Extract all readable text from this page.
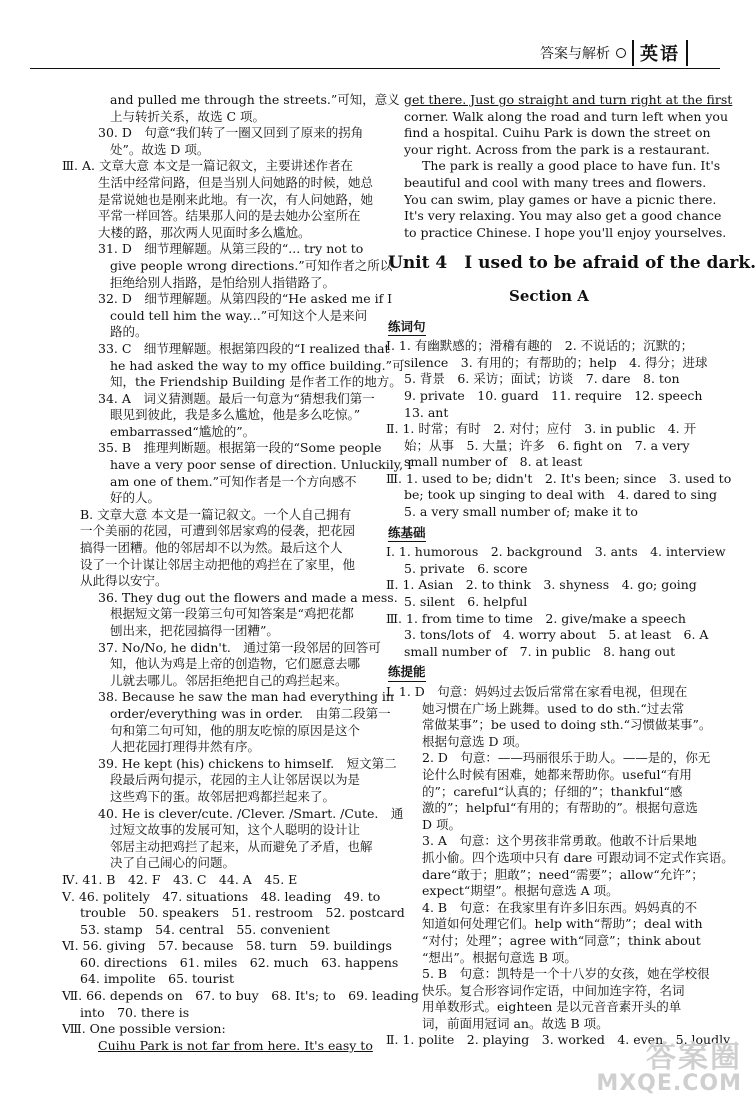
答案与解析	英语
and pulled me through the streets.”可知，意义
上与转折关系，故选 C 项。
30. D　句意“我们转了一圈又回到了原来的拐角
处”。故选 D 项。
Ⅲ. A. 文章大意 本文是一篇记叙文，主要讲述作者在
生活中经常问路，但是当别人问她路的时候，她总
是常说她也是刚来此地。有一次，有人问她路，她
平常一样回答。结果那人问的是去她办公室所在
大楼的路，那次两人见面时多么尴尬。
31. D　细节理解题。从第三段的“... try not to
give people wrong directions.”可知作者之所以
拒绝给别人指路，是怕给别人指错路了。
32. D　细节理解题。从第四段的“He asked me if I
could tell him the way...”可知这个人是来问
路的。
33. C　细节理解题。根据第四段的“I realized that
he had asked the way to my office building.”可
知，the Friendship Building 是作者工作的地方。
34. A　词义猜测题。最后一句意为“猜想我们第一
眼见到彼此，我是多么尴尬，他是多么吃惊。”
embarrassed“尴尬的”。
35. B　推理判断题。根据第一段的“Some people
have a very poor sense of direction. Unluckily, I
am one of them.”可知作者是一个方向感不
好的人。
B. 文章大意 本文是一篇记叙文。一个人自己拥有
一个美丽的花园，可遭到邻居家鸡的侵袭，把花园
搞得一团糟。他的邻居却不以为然。最后这个人
设了一个计谋让邻居主动把他的鸡拦在了家里，他
从此得以安宁。
36. They dug out the flowers and made a mess.
根据短文第一段第三句可知答案是“鸡把花都
刨出来，把花园搞得一团糟”。
37. No/No, he didn't.　通过第一段邻居的回答可
知，他认为鸡是上帝的创造物，它们愿意去哪
儿就去哪儿。邻居拒绝把自己的鸡拦起来。
38. Because he saw the man had everything in
order/everything was in order.　由第二段第一
句和第二句可知，他的朋友吃惊的原因是这个
人把花园打理得井然有序。
39. He kept (his) chickens to himself.　短文第二
段最后两句提示，花园的主人让邻居误以为是
这些鸡下的蛋。故邻居把鸡都拦起来了。
40. He is clever/cute. /Clever. /Smart. /Cute.　通
过短文故事的发展可知，这个人聪明的设计让
邻居主动把鸡拦了起来，从而避免了矛盾，也解
决了自己闹心的问题。
Ⅳ. 41. B　42. F　43. C　44. A　45. E
Ⅴ. 46. politely　47. situations　48. leading　49. to
trouble　50. speakers　51. restroom　52. postcard
53. stamp　54. central　55. convenient
Ⅵ. 56. giving　57. because　58. turn　59. buildings
60. directions　61. miles　62. much　63. happens
64. impolite　65. tourist
Ⅶ. 66. depends on　67. to buy　68. It's; to　69. leading
into　70. there is
Ⅷ. One possible version:
Cuihu Park is not far from here. It's easy to
get there. Just go straight and turn right at the first
corner. Walk along the road and turn left when you
find a hospital. Cuihu Park is down the street on
your right. Across from the park is a restaurant.
The park is really a good place to have fun. It's
beautiful and cool with many trees and flowers.
You can swim, play games or have a picnic there.
It's very relaxing. You may also get a good chance
to practice Chinese. I hope you'll enjoy yourselves.
Unit 4　I used to be afraid of the dark.
Section A
练词句
Ⅰ. 1. 有幽默感的；滑稽有趣的　2. 不说话的；沉默的；
silence　3. 有用的；有帮助的；help　4. 得分；进球
5. 背景　6. 采访；面试；访谈　7. dare　8. ton
9. private　10. guard　11. require　12. speech
13. ant
Ⅱ. 1. 时常；有时　2. 对付；应付　3. in public　4. 开
始；从事　5. 大量；许多　6. fight on　7. a very
small number of　8. at least
Ⅲ. 1. used to be; didn't　2. It's been; since　3. used to
be; took up singing to deal with　4. dared to sing
5. a very small number of; make it to
练基础
Ⅰ. 1. humorous　2. background　3. ants　4. interview
5. private　6. score
Ⅱ. 1. Asian　2. to think　3. shyness　4. go; going
5. silent　6. helpful
Ⅲ. 1. from time to time　2. give/make a speech
3. tons/lots of　4. worry about　5. at least　6. A
small number of　7. in public　8. hang out
练提能
Ⅰ. 1. D　句意：妈妈过去饭后常常在家看电视，但现在
她习惯在广场上跳舞。used to do sth.“过去常
常做某事”；be used to doing sth.“习惯做某事”。
根据句意选 D 项。
2. D　句意：——玛丽很乐于助人。——是的，你无
论什么时候有困难，她都来帮助你。useful“有用
的”；careful“认真的；仔细的”；thankful“感
激的”；helpful“有用的；有帮助的”。根据句意选
D 项。
3. A　句意：这个男孩非常勇敢。他敢不计后果地
抓小偷。四个选项中只有 dare 可跟动词不定式作宾语。
dare“敢于；胆敢”；need“需要”；allow“允许”；
expect“期望”。根据句意选 A 项。
4. B　句意：在我家里有许多旧东西。妈妈真的不
知道如何处理它们。help with“帮助”；deal with
“对付；处理”；agree with“同意”；think about
“想出”。根据句意选 B 项。
5. B　句意：凯特是一个十八岁的女孩，她在学校很
快乐。复合形容词作定语，中间加连字符，名词
用单数形式。eighteen 是以元音音素开头的单
词，前面用冠词 an。故选 B 项。
Ⅱ. 1. polite　2. playing　3. worked　4. even　5. loudly
答案圈
MXQE.COM
